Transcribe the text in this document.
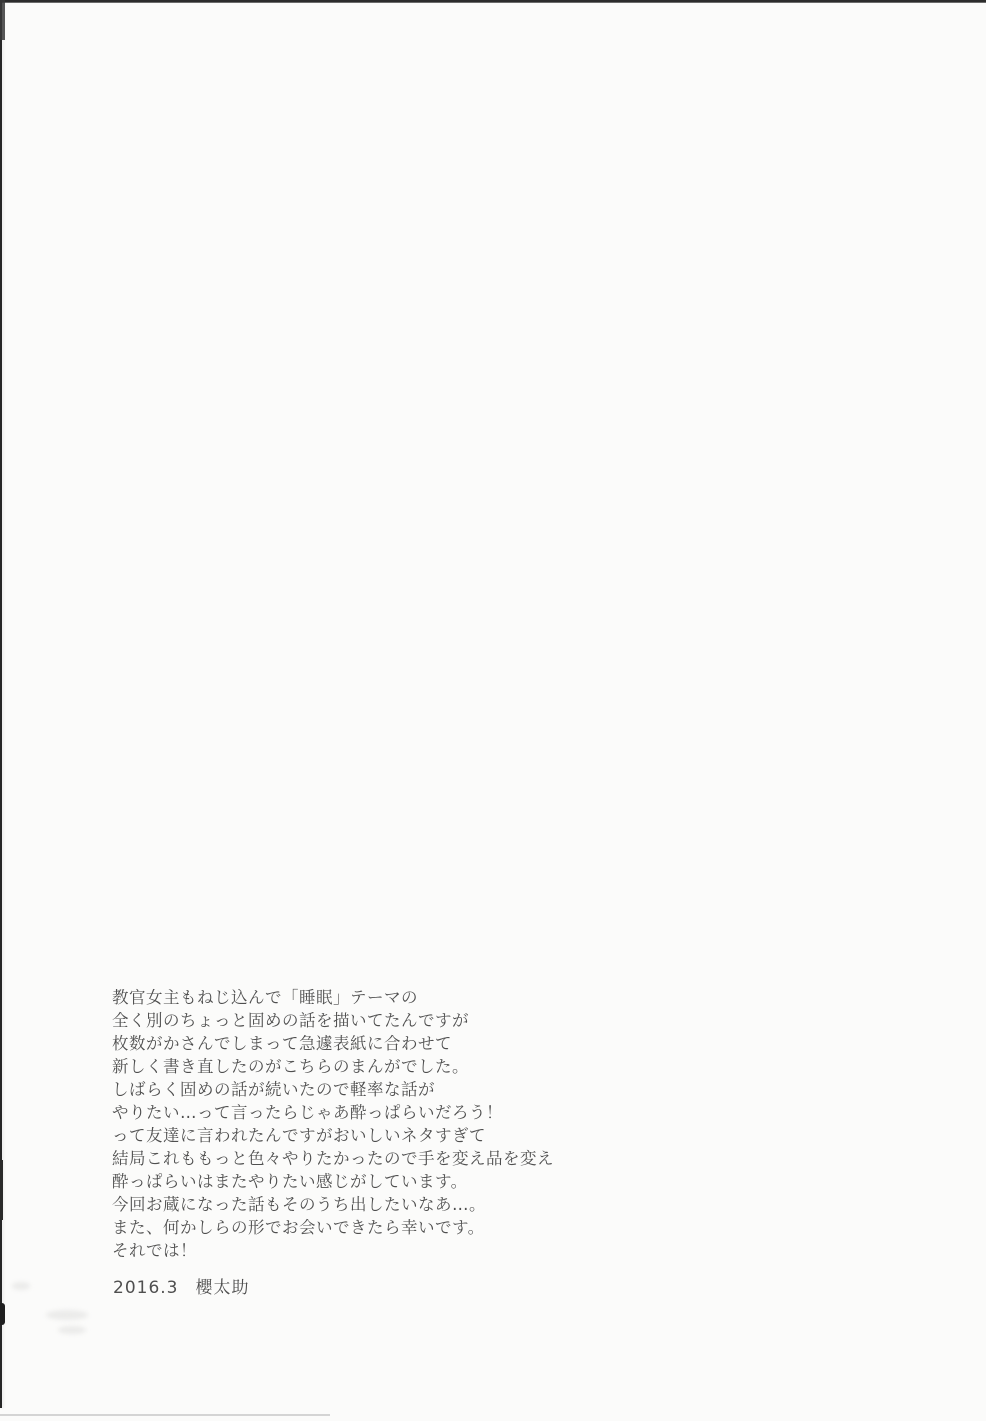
教官女主もねじ込んで「睡眠」テーマの
全く別のちょっと固めの話を描いてたんですが
枚数がかさんでしまって急遽表紙に合わせて
新しく書き直したのがこちらのまんがでした。
しばらく固めの話が続いたので軽率な話が
やりたい…って言ったらじゃあ酔っぱらいだろう！
って友達に言われたんですがおいしいネタすぎて
結局これももっと色々やりたかったので手を変え品を変え
酔っぱらいはまたやりたい感じがしています。
今回お蔵になった話もそのうち出したいなあ…。
また、何かしらの形でお会いできたら幸いです。
それでは！
2016.3 櫻太助
